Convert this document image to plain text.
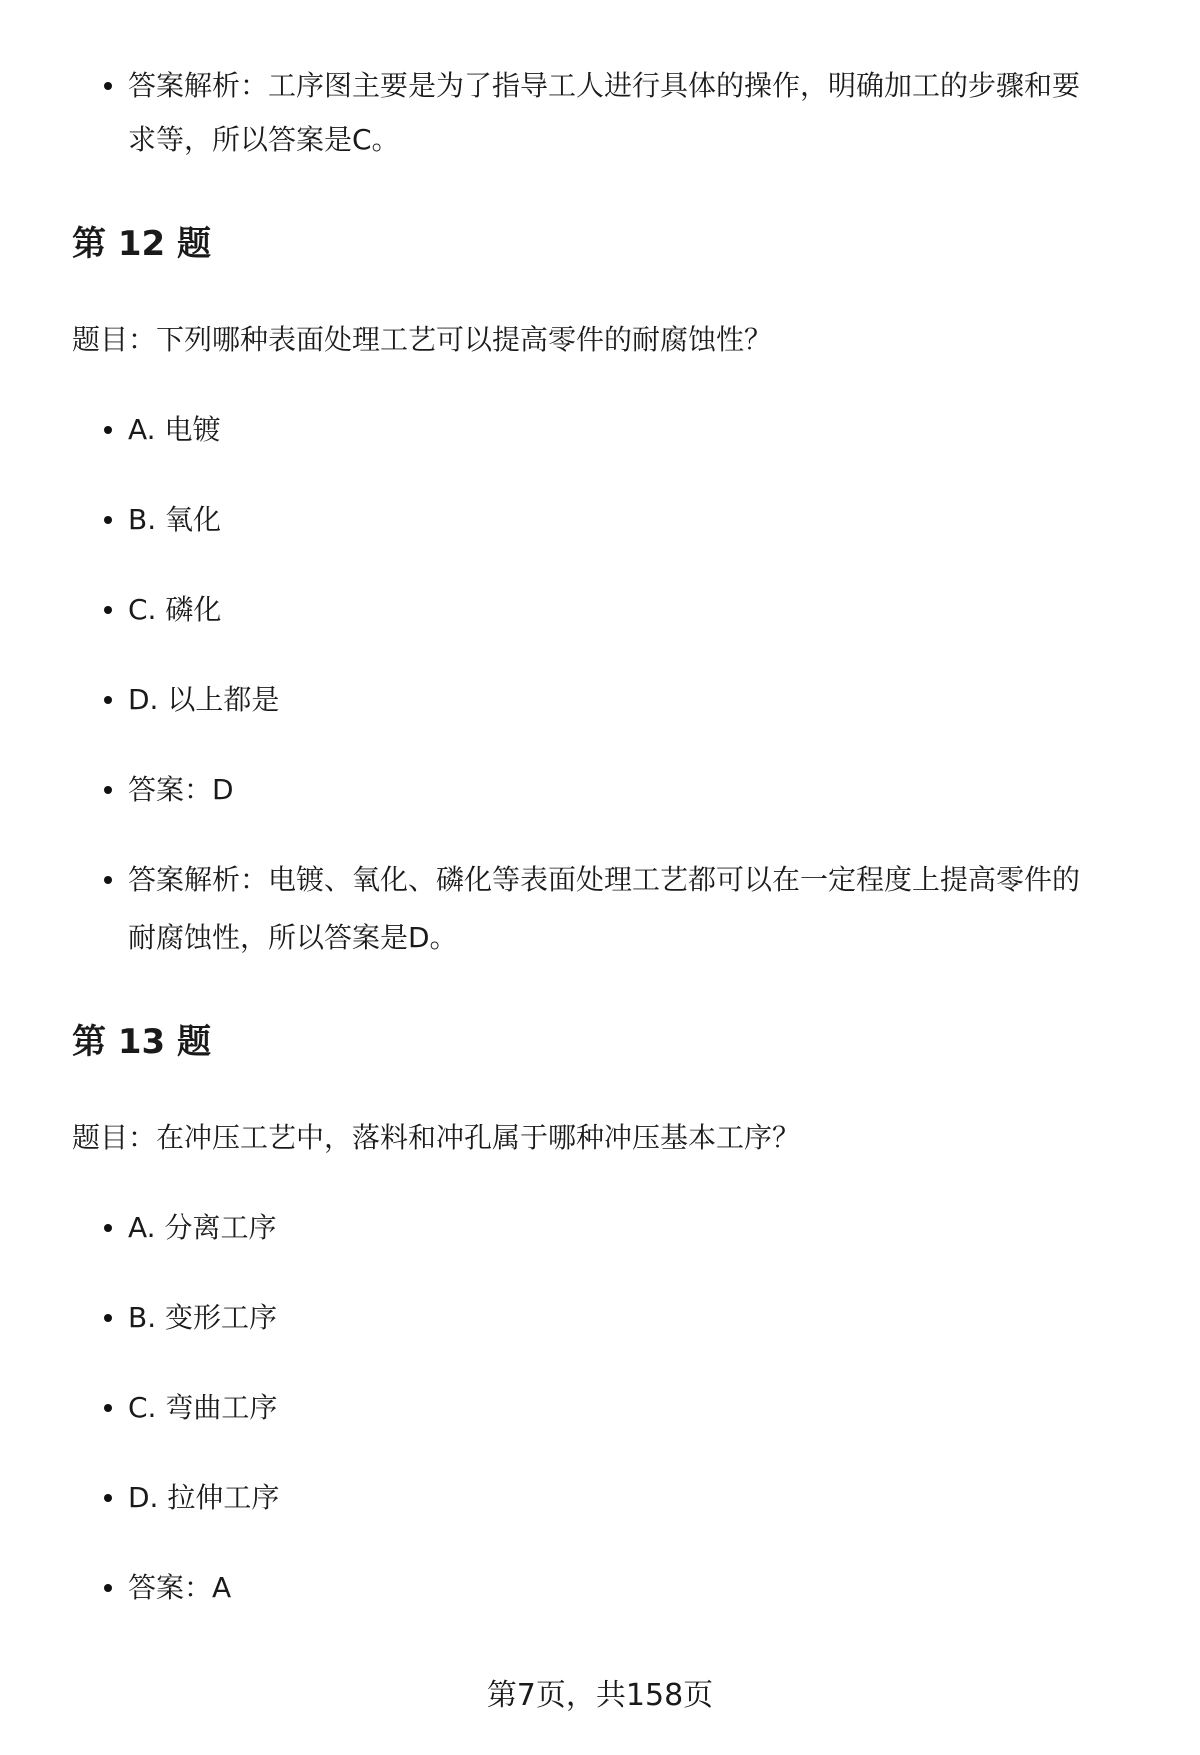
答案解析：工序图主要是为了指导工人进行具体的操作，明确加工的步骤和要
求等，所以答案是C。
第 12 题
题目：下列哪种表面处理工艺可以提高零件的耐腐蚀性？
A. 电镀
B. 氧化
C. 磷化
D. 以上都是
答案：D
答案解析：电镀、氧化、磷化等表面处理工艺都可以在一定程度上提高零件的
耐腐蚀性，所以答案是D。
第 13 题
题目：在冲压工艺中，落料和冲孔属于哪种冲压基本工序？
A. 分离工序
B. 变形工序
C. 弯曲工序
D. 拉伸工序
答案：A
第7页，共158页
